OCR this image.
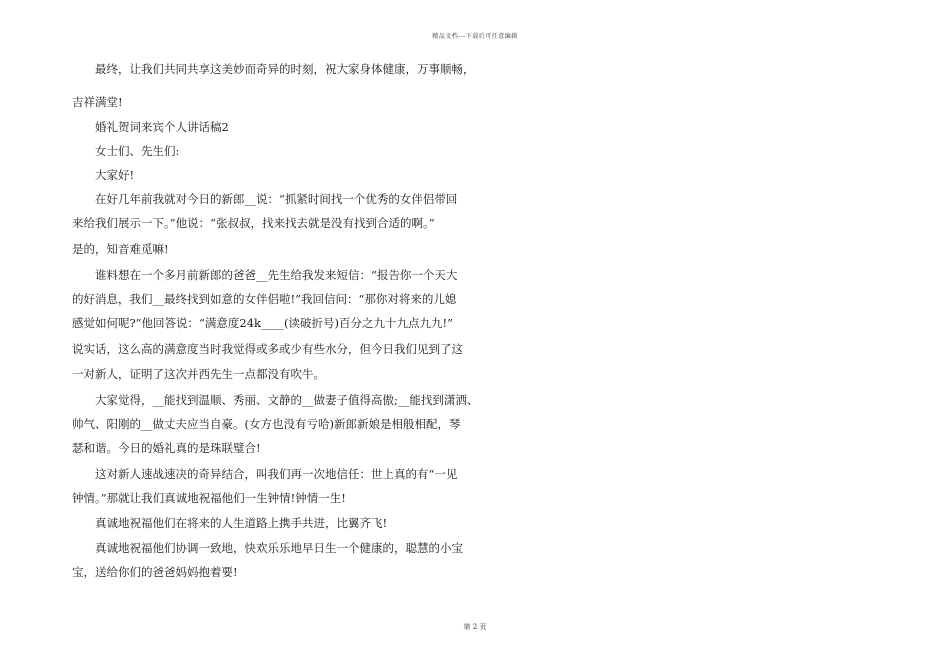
精品文档---下载后可任意编辑
最终，让我们共同共享这美妙而奇异的时刻，祝大家身体健康，万事顺畅，
吉祥满堂!
婚礼贺词来宾个人讲话稿2
女士们、先生们:
大家好!
在好几年前我就对今日的新郎__说：“抓紧时间找一个优秀的女伴侣带回
来给我们展示一下。”他说：“张叔叔，找来找去就是没有找到合适的啊。”
是的，知音难觅嘛!
谁料想在一个多月前新郎的爸爸__先生给我发来短信：“报告你一个天大
的好消息，我们__最终找到如意的女伴侣啦!”我回信问：“那你对将来的儿媳
感觉如何呢?”他回答说：“满意度24k____(读破折号)百分之九十九点九九!”
说实话，这么高的满意度当时我觉得或多或少有些水分，但今日我们见到了这
一对新人，证明了这次并西先生一点都没有吹牛。
大家觉得，__能找到温顺、秀丽、文静的__做妻子值得高傲;__能找到潇洒、
帅气、阳刚的__做丈夫应当自豪。(女方也没有亏哈)新郎新娘是相般相配，琴
瑟和谐。今日的婚礼真的是珠联璧合!
这对新人速战速决的奇异结合，叫我们再一次地信任：世上真的有“一见
钟情。”那就让我们真诚地祝福他们一生钟情!钟情一生!
真诚地祝福他们在将来的人生道路上携手共进，比翼齐飞!
真诚地祝福他们协调一致地，快欢乐乐地早日生一个健康的，聪慧的小宝
宝，送给你们的爸爸妈妈抱着要!
第 2 页
